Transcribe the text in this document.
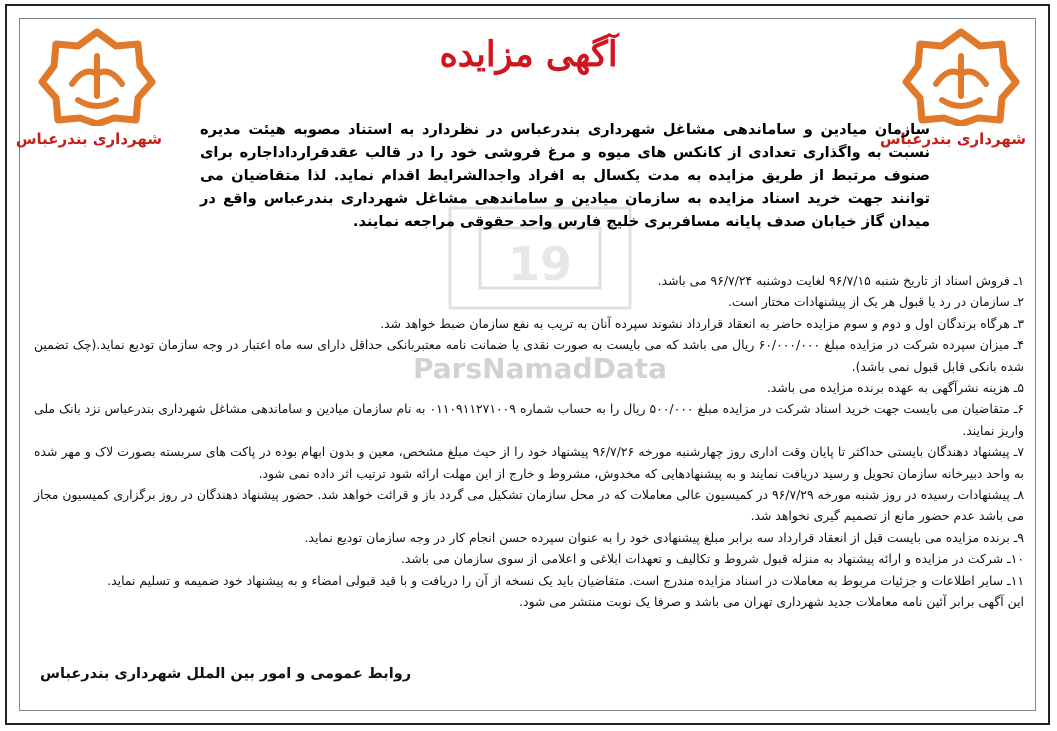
19
ParsNamadData
آگهی مزایده
شهرداری بندرعباس
شهرداری بندرعباس
سازمان میادین و ساماندهی مشاغل شهرداری بندرعباس در نظردارد به استناد مصوبه هیئت مدیره نسبت به واگذاری تعدادی از کانکس های میوه و مرغ فروشی خود را در قالب عقدقرارداداجاره برای صنوف مرتبط از طریق مزایده به مدت یکسال به افراد واجدالشرایط اقدام نماید. لذا متقاضیان می توانند جهت خرید اسناد مزایده به سازمان میادین و ساماندهی مشاغل شهرداری بندرعباس واقع در میدان گاز خیابان صدف پایانه مسافربری خلیج فارس واحد حقوقی مراجعه نمایند.

۱ـ فروش اسناد از تاریخ شنبه ۹۶/۷/۱۵ لغایت دوشنبه ۹۶/۷/۲۴ می باشد.

۲ـ سازمان در رد یا قبول هر یک از پیشنهادات مختار است.

۳ـ هرگاه برندگان اول و دوم و سوم مزایده حاضر به انعقاد قرارداد نشوند سپرده آنان به تریب به نفع سازمان ضبط خواهد شد.

۴ـ میزان سپرده شرکت در مزایده مبلغ ۶۰/۰۰۰/۰۰۰ ریال می باشد که می بایست به صورت نقدی یا ضمانت نامه معتبربانکی حداقل دارای سه ماه اعتبار در وجه سازمان تودیع نماید.(چک تضمین شده بانکی قابل قبول نمی باشد).

۵ـ هزینه نشرآگهی به عهده برنده مزایده می باشد.

۶ـ متقاضیان می بایست جهت خرید اسناد شرکت در مزایده مبلغ ۵۰۰/۰۰۰ ریال را به حساب شماره ۰۱۱۰۹۱۱۲۷۱۰۰۹ به نام سازمان میادین و ساماندهی مشاغل شهرداری بندرعباس نزد بانک ملی واریز نمایند.

۷ـ پیشنهاد دهندگان بایستی حداکثر تا پایان وقت اداری روز چهارشنبه مورخه ۹۶/۷/۲۶ پیشنهاد خود را از حیث مبلغ مشخص، معین و بدون ابهام بوده در پاکت های سربسته بصورت لاک و مهر شده به واحد دبیرخانه سازمان تحویل و رسید دریافت نمایند و به پیشنهادهایی که مخدوش، مشروط و خارج از این مهلت ارائه شود ترتیب اثر داده نمی شود.

۸ـ پیشنهادات رسیده در روز شنبه مورخه ۹۶/۷/۲۹ در کمیسیون عالی معاملات که در محل سازمان تشکیل می گردد باز و قرائت خواهد شد. حضور پیشنهاد دهندگان در روز برگزاری کمیسیون مجاز می باشد عدم حضور مانع از تصمیم گیری نخواهد شد.

۹ـ برنده مزایده می بایست قبل از انعقاد قرارداد سه برابر مبلغ پیشنهادی خود را به عنوان سپرده حسن انجام کار در وجه سازمان تودیع نماید.

۱۰ـ شرکت در مزایده و ارائه پیشنهاد به منزله قبول شروط و تکالیف و تعهدات ابلاغی و اعلامی از سوی سازمان می باشد.

۱۱ـ سایر اطلاعات و جزئیات مربوط به معاملات در اسناد مزایده مندرج است. متقاضیان باید یک نسخه از آن را دریافت و با قید قبولی امضاء و به پیشنهاد خود ضمیمه و تسلیم نماید.

این آگهی برابر آئین نامه معاملات جدید شهرداری تهران می باشد و صرفا یک نوبت منتشر می شود.

روابط عمومی و امور بین الملل شهرداری بندرعباس
